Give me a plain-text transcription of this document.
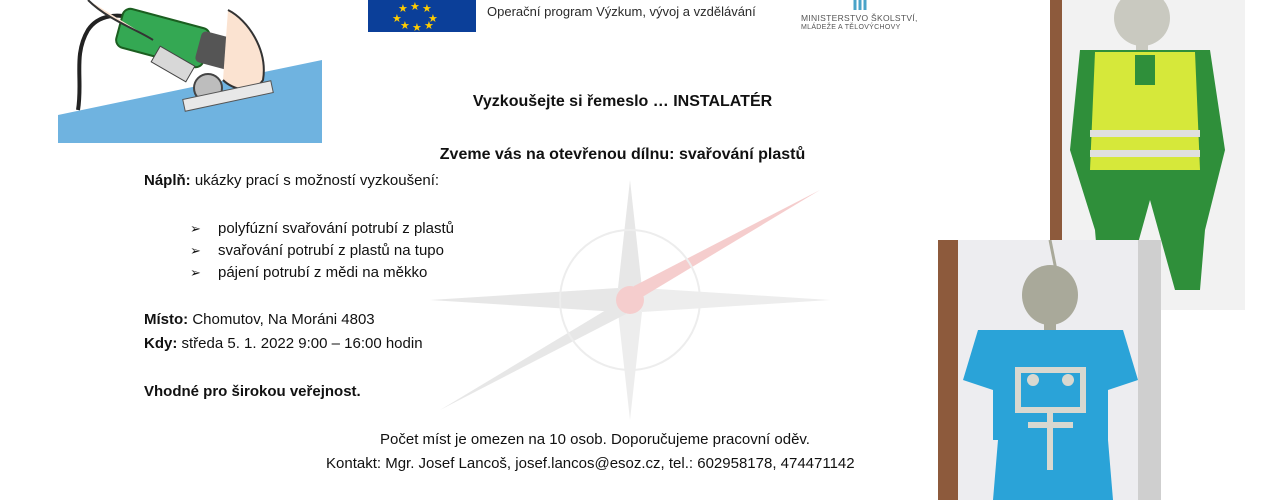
★ ★ ★
★ ★
★ ★ ★
Operační program Výzkum, vývoj a vzdělávání	MINISTERSTVO ŠKOLSTVÍ,
MLÁDEŽE A TĚLOVÝCHOVY
Vyzkoušejte si řemeslo … INSTALATÉR
Zveme vás na otevřenou dílnu: svařování plastů
Náplň: ukázky prací s možností vyzkoušení:
➢ polyfúzní svařování potrubí z plastů
➢ svařování potrubí z plastů na tupo
➢ pájení potrubí z mědi na měkko
Místo: Chomutov, Na Moráni 4803
Kdy: středa 5. 1. 2022 9:00 – 16:00 hodin
Vhodné pro širokou veřejnost.
Počet míst je omezen na 10 osob. Doporučujeme pracovní oděv.
Kontakt: Mgr. Josef Lancoš, josef.lancos@esoz.cz, tel.: 602958178, 474471142
